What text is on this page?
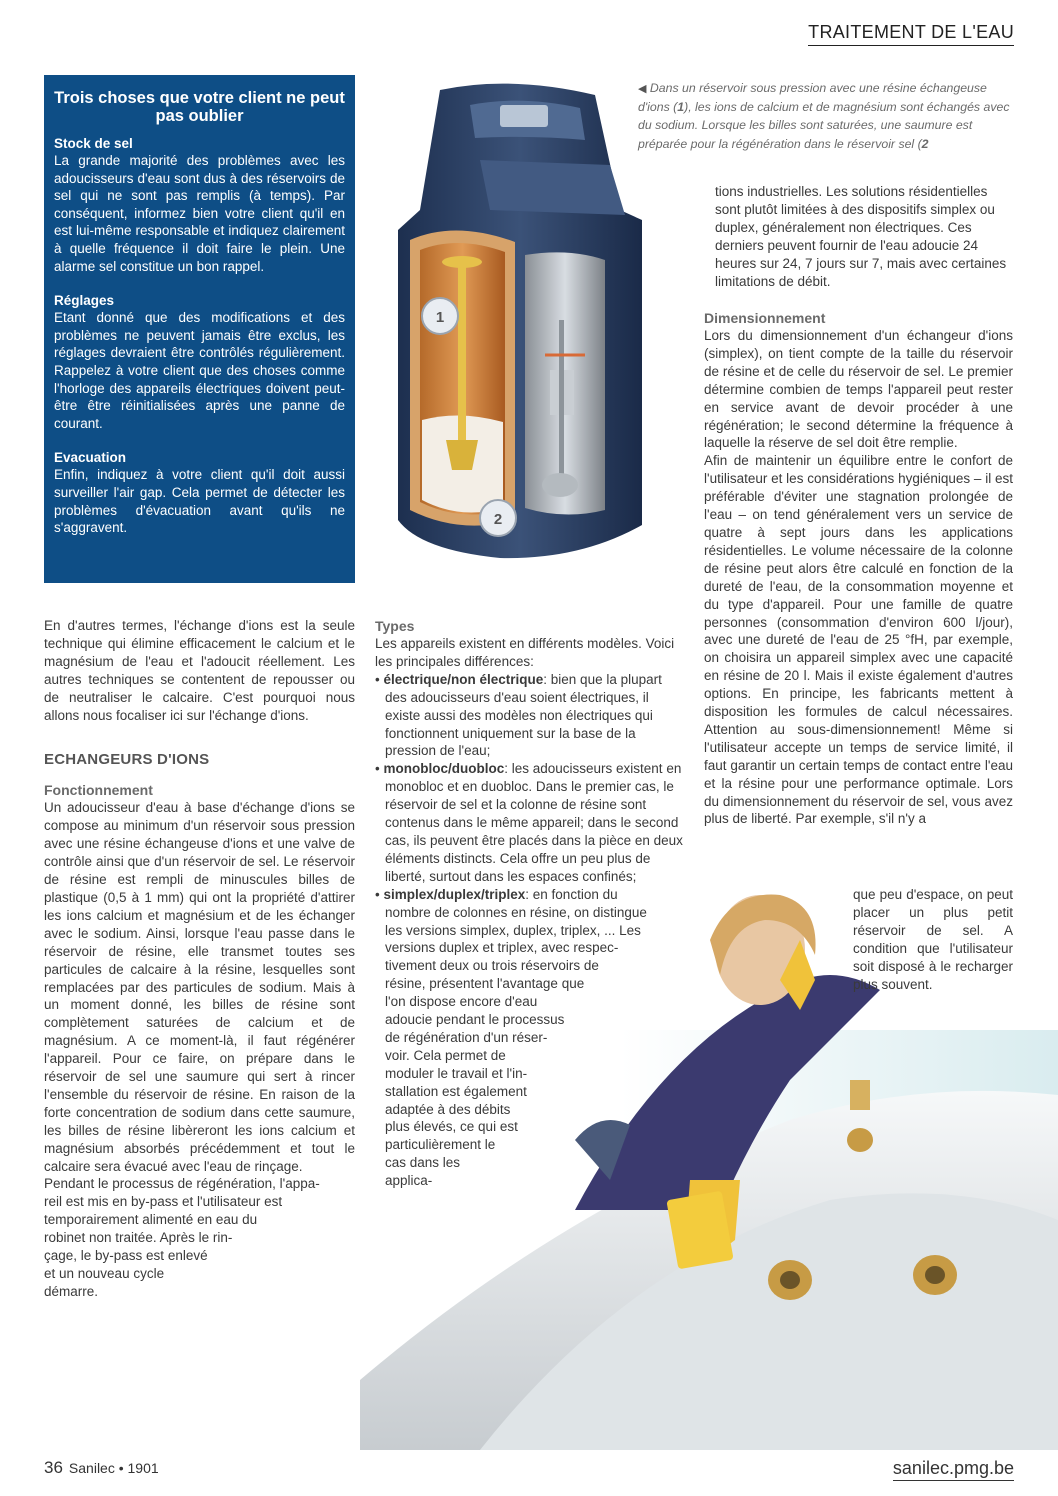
TRAITEMENT DE L'EAU
Trois choses que votre client ne peut pas oublier
Stock de sel
La grande majorité des problèmes avec les adoucisseurs d'eau sont dus à des réservoirs de sel qui ne sont pas remplis (à temps). Par conséquent, informez bien votre client qu'il en est lui-même responsable et indiquez clairement à quelle fréquence il doit faire le plein. Une alarme sel constitue un bon rappel.
Réglages
Etant donné que des modifications et des problèmes ne peuvent jamais être exclus, les réglages devraient être contrôlés régulièrement. Rappelez à votre client que des choses comme l'horloge des appareils électriques doivent peut-être être réinitialisées après une panne de courant.
Evacuation
Enfin, indiquez à votre client qu'il doit aussi surveiller l'air gap. Cela permet de détecter les problèmes d'évacuation avant qu'ils ne s'aggravent.
1
2
◀ Dans un réservoir sous pression avec une résine échangeuse d'ions (1), les ions de calcium et de magnésium sont échangés avec du sodium. Lorsque les billes sont saturées, une saumure est préparée pour la régénération dans le réservoir sel (2
En d'autres termes, l'échange d'ions est la seule technique qui élimine efficacement le calcium et le magnésium de l'eau et l'adoucit réellement. Les autres techniques se contentent de repousser ou de neutraliser le calcaire. C'est pourquoi nous allons nous focaliser ici sur l'échange d'ions.
ECHANGEURS D'IONS
Fonctionnement
Un adoucisseur d'eau à base d'échange d'ions se compose au minimum d'un réservoir sous pression avec une résine échangeuse d'ions et une valve de contrôle ainsi que d'un réservoir de sel. Le réservoir de résine est rempli de minuscules billes de plastique (0,5 à 1 mm) qui ont la propriété d'attirer les ions calcium et magnésium et de les échanger avec le sodium. Ainsi, lorsque l'eau passe dans le réservoir de résine, elle transmet toutes ses particules de calcaire à la résine, lesquelles sont remplacées par des particules de sodium. Mais à un moment donné, les billes de résine sont complètement saturées de calcium et de magnésium. A ce moment-là, il faut régénérer l'appareil. Pour ce faire, on prépare dans le réservoir de sel une saumure qui sert à rincer l'ensemble du réservoir de résine. En raison de la forte concentration de sodium dans cette saumure, les billes de résine libèreront les ions calcium et magnésium absorbés précédemment et tout le calcaire sera évacué avec l'eau de rinçage.
Pendant le processus de régénération, l'appa-
reil est mis en by-pass et l'utilisateur est
temporairement alimenté en eau du
robinet non traitée. Après le rin-
çage, le by-pass est enlevé
et un nouveau cycle
démarre.
Types
Les appareils existent en différents modèles. Voici les principales différences:
• électrique/non électrique: bien que la plupart des adoucisseurs d'eau soient électriques, il existe aussi des modèles non électriques qui fonctionnent uniquement sur la base de la pression de l'eau;
• monobloc/duobloc: les adoucisseurs existent en monobloc et en duobloc. Dans le premier cas, le réservoir de sel et la colonne de résine sont contenus dans le même appareil; dans le second cas, ils peuvent être placés dans la pièce en deux éléments distincts. Cela offre un peu plus de liberté, surtout dans les espaces confinés;
• simplex/duplex/triplex: en fonction du
nombre de colonnes en résine, on distingue
les versions simplex, duplex, triplex, ... Les
versions duplex et triplex, avec respec-
tivement deux ou trois réservoirs de
résine, présentent l'avantage que
l'on dispose encore d'eau
adoucie pendant le processus
de régénération d'un réser-
voir. Cela permet de
moduler le travail et l'in-
stallation est également
adaptée à des débits
plus élevés, ce qui est
particulièrement le
cas dans les
applica-
tions industrielles. Les solutions résidentielles sont plutôt limitées à des dispositifs simplex ou duplex, généralement non électriques. Ces derniers peuvent fournir de l'eau adoucie 24 heures sur 24, 7 jours sur 7, mais avec certaines limitations de débit.
Dimensionnement
Lors du dimensionnement d'un échangeur d'ions (simplex), on tient compte de la taille du réservoir de résine et de celle du réservoir de sel. Le premier détermine combien de temps l'appareil peut rester en service avant de devoir procéder à une régénération; le second détermine la fréquence à laquelle la réserve de sel doit être remplie.
Afin de maintenir un équilibre entre le confort de l'utilisateur et les considérations hygiéniques – il est préférable d'éviter une stagnation prolongée de l'eau – on tend généralement vers un service de quatre à sept jours dans les applications résidentielles. Le volume nécessaire de la colonne de résine peut alors être calculé en fonction de la dureté de l'eau, de la consommation moyenne et du type d'appareil. Pour une famille de quatre personnes (consommation d'environ 600 l/jour), avec une dureté de l'eau de 25 °fH, par exemple, on choisira un appareil simplex avec une capacité en résine de 20 l. Mais il existe également d'autres options. En principe, les fabricants mettent à disposition les formules de calcul nécessaires. Attention au sous-dimensionnement! Même si l'utilisateur accepte un temps de service limité, il faut garantir un certain temps de contact entre l'eau et la résine pour une performance optimale. Lors du dimensionnement du réservoir de sel, vous avez plus de liberté. Par exemple, s'il n'y a
que peu d'espace, on peut placer un plus petit réservoir de sel. A condition que l'utilisateur soit disposé à le recharger plus souvent.
36 Sanilec • 1901	sanilec.pmg.be
